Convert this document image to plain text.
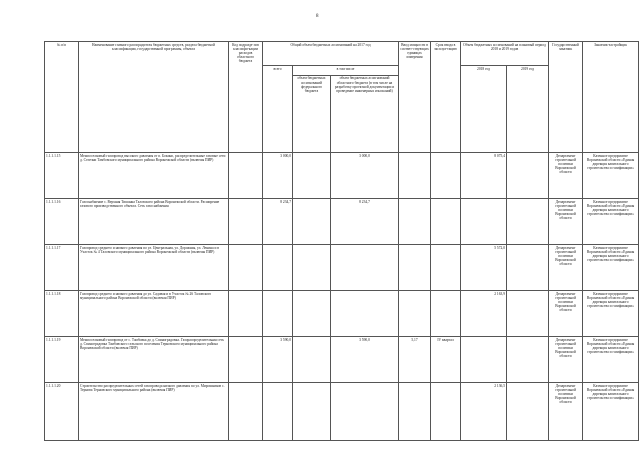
8
№ п/п	Наименование главного распорядителя бюджетных средств, раздела бюджетной классификации, государственной программы, объекта	Код подразде-лов классифи-кации расходов областного бюджета	Общий объем бюджетных ассигнований на 2017 год			Ввод мощности в соответ-ствующих единицах измерения	Срок ввода в эксплуа-тацию	Объем бюджетных ассигнований на плановый период 2018 и 2019 годов		Государственный заказчик	Заказчик-застройщик
			всего	в том числе				2018 год	2019 год		
				объем бюджетных ассигнований федерального бюджета	объем бюджетных ассигнований областного бюджета (в том числе на разработку проектной документации и проведение инженерных изысканий)						

1.1.1.1.15	Межпоселковый газопровод высокого давления от п. Бокино, распределительные газовые сети д. Селезни Тамбовского муниципального района Воронежской области (включая ПИР)		3 000,0		3 000,0			8 075,4		Департамент строительной политики Воронежской области	Казенное предприятие Воронежской области «Единая дирекция капитального строительства и газификации»
1.1.1.1.16	Газоснабжение с. Верхняя Тишанка Таловского района Воронежской области. Расширение газового производственного объекта. Сеть газоснабжения		8 234,7		8 234,7					Департамент строительной политики Воронежской области	Казенное предприятие Воронежской области «Единая дирекция капитального строительства и газификации»
1.1.1.1.17	Газопровод среднего и низкого давления по ул. Центральная, ул. Дорожная, ул. Ленина и в Участок № 4 Таловского муниципального района Воронежской области (включая ПИР)							5 572,0		Департамент строительной политики Воронежской области	Казенное предприятие Воронежской области «Единая дирекция капитального строительства и газификации»
1.1.1.1.18	Газопровод среднего и низкого давления до ул. Садовая и в Участок № 26 Таловского муниципального района Воронежской области (включая ПИР)							2 163,9		Департамент строительной политики Воронежской области	Казенное предприятие Воронежской области «Единая дирекция капитального строительства и газификации»
1.1.1.1.19	Межпоселковый газопровод от с. Тамбовка до д. Спиноградовка. Газораспределительная сеть д. Спиноградовка Тамбовского сельского поселения Терновского муниципального района Воронежской области (включая ПИР)		3 590,0		3 590,0	5,17	IV квартал			Департамент строительной политики Воронежской области	Казенное предприятие Воронежской области «Единая дирекция капитального строительства и газификации»
1.1.1.1.20	Строительство распределительных сетей газопровода низкого давления по ул. Мирошников с. Тернова Терновского муниципального района (включая ПИР)							2 136,5		Департамент строительной политики Воронежской области	Казенное предприятие Воронежской области «Единая дирекция капитального строительства и газификации»
